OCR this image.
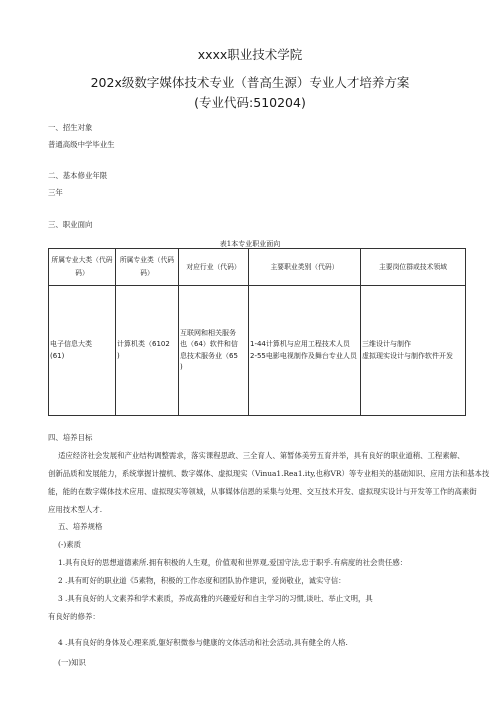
xxxx职业技术学院
202x级数字媒体技术专业（普高生源）专业人才培养方案
(专业代码:510204)
一、招生对象
普通高级中学毕业生
二、基本修业年限
三年
三、职业面向
表1本专业职业面向
所属专业大类（代码
码）	所属专业类（代码
码）	对应行业（代码）	主要职业类别（代码）	主要岗位群或技术领域
电子信息大类
(61)	计算机类（6102
)	互联网和相关服务
也（64）软件和信
息技术服务业（65
)	1-44计算机与应用工程技术人员
2-55电影电视制作及舞台专业人员	三维设计与制作
虚拟现实设计与制作软件开发
四、培养目标
适应经济社会发展和产业结构调整需求，落实课程思政、三全育人、第暂体美劳五育并举，具有良好的职业道稍、工程素解、
创新品质和发展能力，系统掌握计擅机、数字媒体、虚拟现实（Vinua1.Rea1.ity,也称VR）等专业相关的基础知识、应用方法和基本技
能，能的在数字媒体技术应用、虚拟现实等领城，从事媒体信恩的采集与处理、交互技术开发、虚拟现实设计与开发等工作的高素街
应用技术型人才.
五、培养规格
(-)素质
1.具有良好的思想道德素所.拥有积极的人生观，价值观和世界观,爱国守法,忠于职乎.有病度的社会贵任感：
2 .具有町好的职业道《5素物，积极的工作态度和团队协作建识，爱岗敬业，诚实守信：
3 .具有良好的人文素养和学术素质，养成高雅的兴趣爱好和自主学习的习惯,谈吐、举止文明，具
有良好的修养：
4 .具有良好的身体及心理来质,躯好积微参与健康的文体活动和社会活动,具有健全的人格.
(一)知识
